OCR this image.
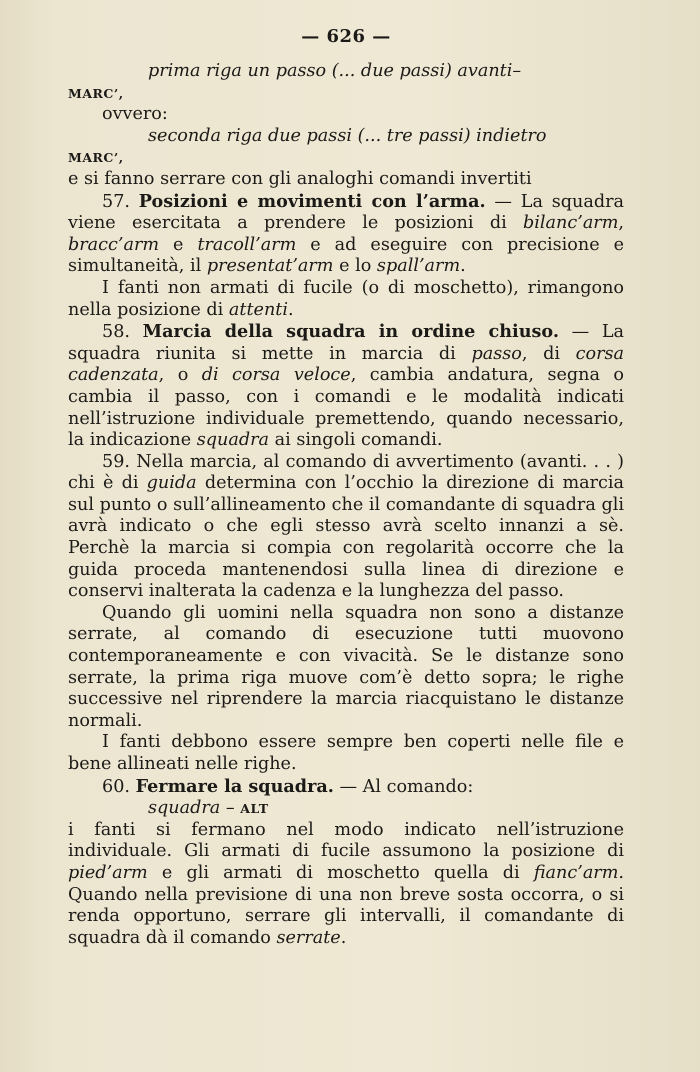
— 626 —

prima riga un passo (... due passi) avanti–

MARC’,

ovvero:

seconda riga due passi (... tre passi) indietro

MARC’,

e si fanno serrare con gli analoghi comandi invertiti

57. Posizioni e movimenti con l’arma. — La squadra viene esercitata a prendere le posizioni di bilanc’arm, bracc’arm e tracoll’arm e ad eseguire con precisione e simultaneità, il presentat’arm e lo spall’arm.

I fanti non armati di fucile (o di moschetto), rimangono nella posizione di attenti.

58. Marcia della squadra in ordine chiuso. — La squadra riunita si mette in marcia di passo, di corsa cadenzata, o di corsa veloce, cambia andatura, segna o cambia il passo, con i comandi e le modalità indicati nell’istruzione individuale premettendo, quando necessario, la indicazione squadra ai singoli comandi.

59. Nella marcia, al comando di avvertimento (avanti. . . ) chi è di guida determina con l’occhio la direzione di marcia sul punto o sull’allineamento che il comandante di squadra gli avrà indicato o che egli stesso avrà scelto innanzi a sè. Perchè la marcia si compia con regolarità occorre che la guida proceda mantenendosi sulla linea di direzione e conservi inalterata la cadenza e la lunghezza del passo.

Quando gli uomini nella squadra non sono a distanze serrate, al comando di esecuzione tutti muovono contemporaneamente e con vivacità. Se le distanze sono serrate, la prima riga muove com’è detto sopra; le righe successive nel riprendere la marcia riacquistano le distanze normali.

I fanti debbono essere sempre ben coperti nelle file e bene allineati nelle righe.

60. Fermare la squadra. — Al comando:

squadra – ALT

i fanti si fermano nel modo indicato nell’istruzione individuale. Gli armati di fucile assumono la posizione di pied’arm e gli armati di moschetto quella di fianc’arm. Quando nella previsione di una non breve sosta occorra, o si renda opportuno, serrare gli intervalli, il comandante di squadra dà il comando serrate.
